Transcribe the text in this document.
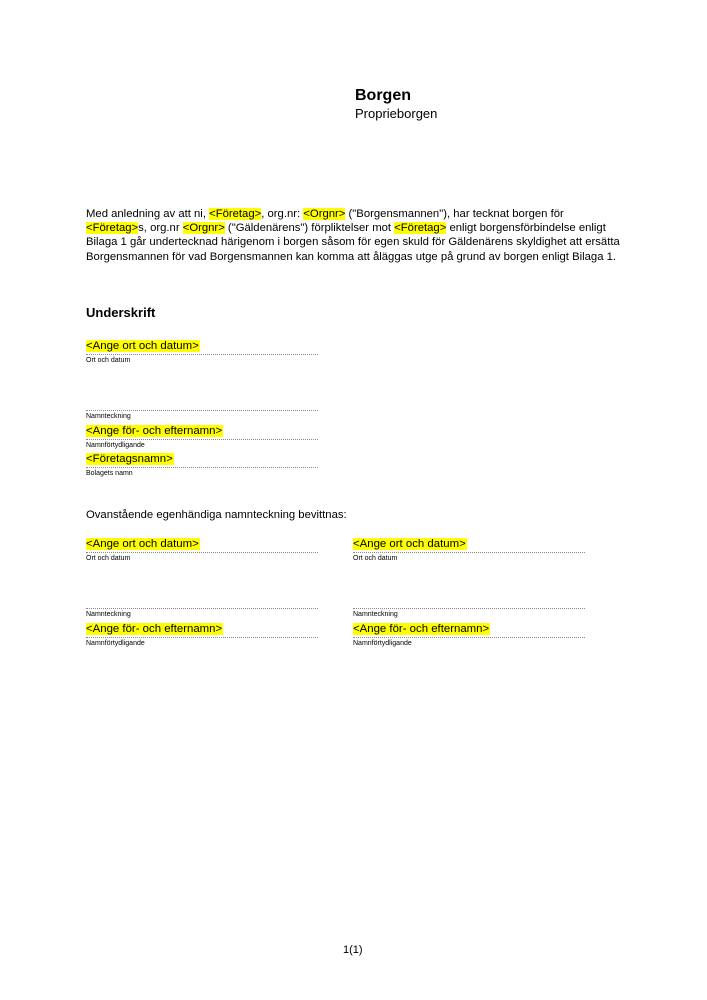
Borgen
Proprieborgen
Med anledning av att ni, <Företag>, org.nr: <Orgnr> ("Borgensmannen"), har tecknat borgen för <Företag>s, org.nr <Orgnr> ("Gäldenärens") förpliktelser mot <Företag> enligt borgensförbindelse enligt Bilaga 1 går undertecknad härigenom i borgen såsom för egen skuld för Gäldenärens skyldighet att ersätta Borgensmannen för vad Borgensmannen kan komma att åläggas utge på grund av borgen enligt Bilaga 1.
Underskrift
<Ange ort och datum>
Ort och datum
Namnteckning
<Ange för- och efternamn>
Namnförtydligande
<Företagsnamn>
Bolagets namn
Ovanstående egenhändiga namnteckning bevittnas:
<Ange ort och datum>
Ort och datum
Namnteckning
<Ange för- och efternamn>
Namnförtydligande
<Ange ort och datum>
Ort och datum
Namnteckning
<Ange för- och efternamn>
Namnförtydligande
1(1)
